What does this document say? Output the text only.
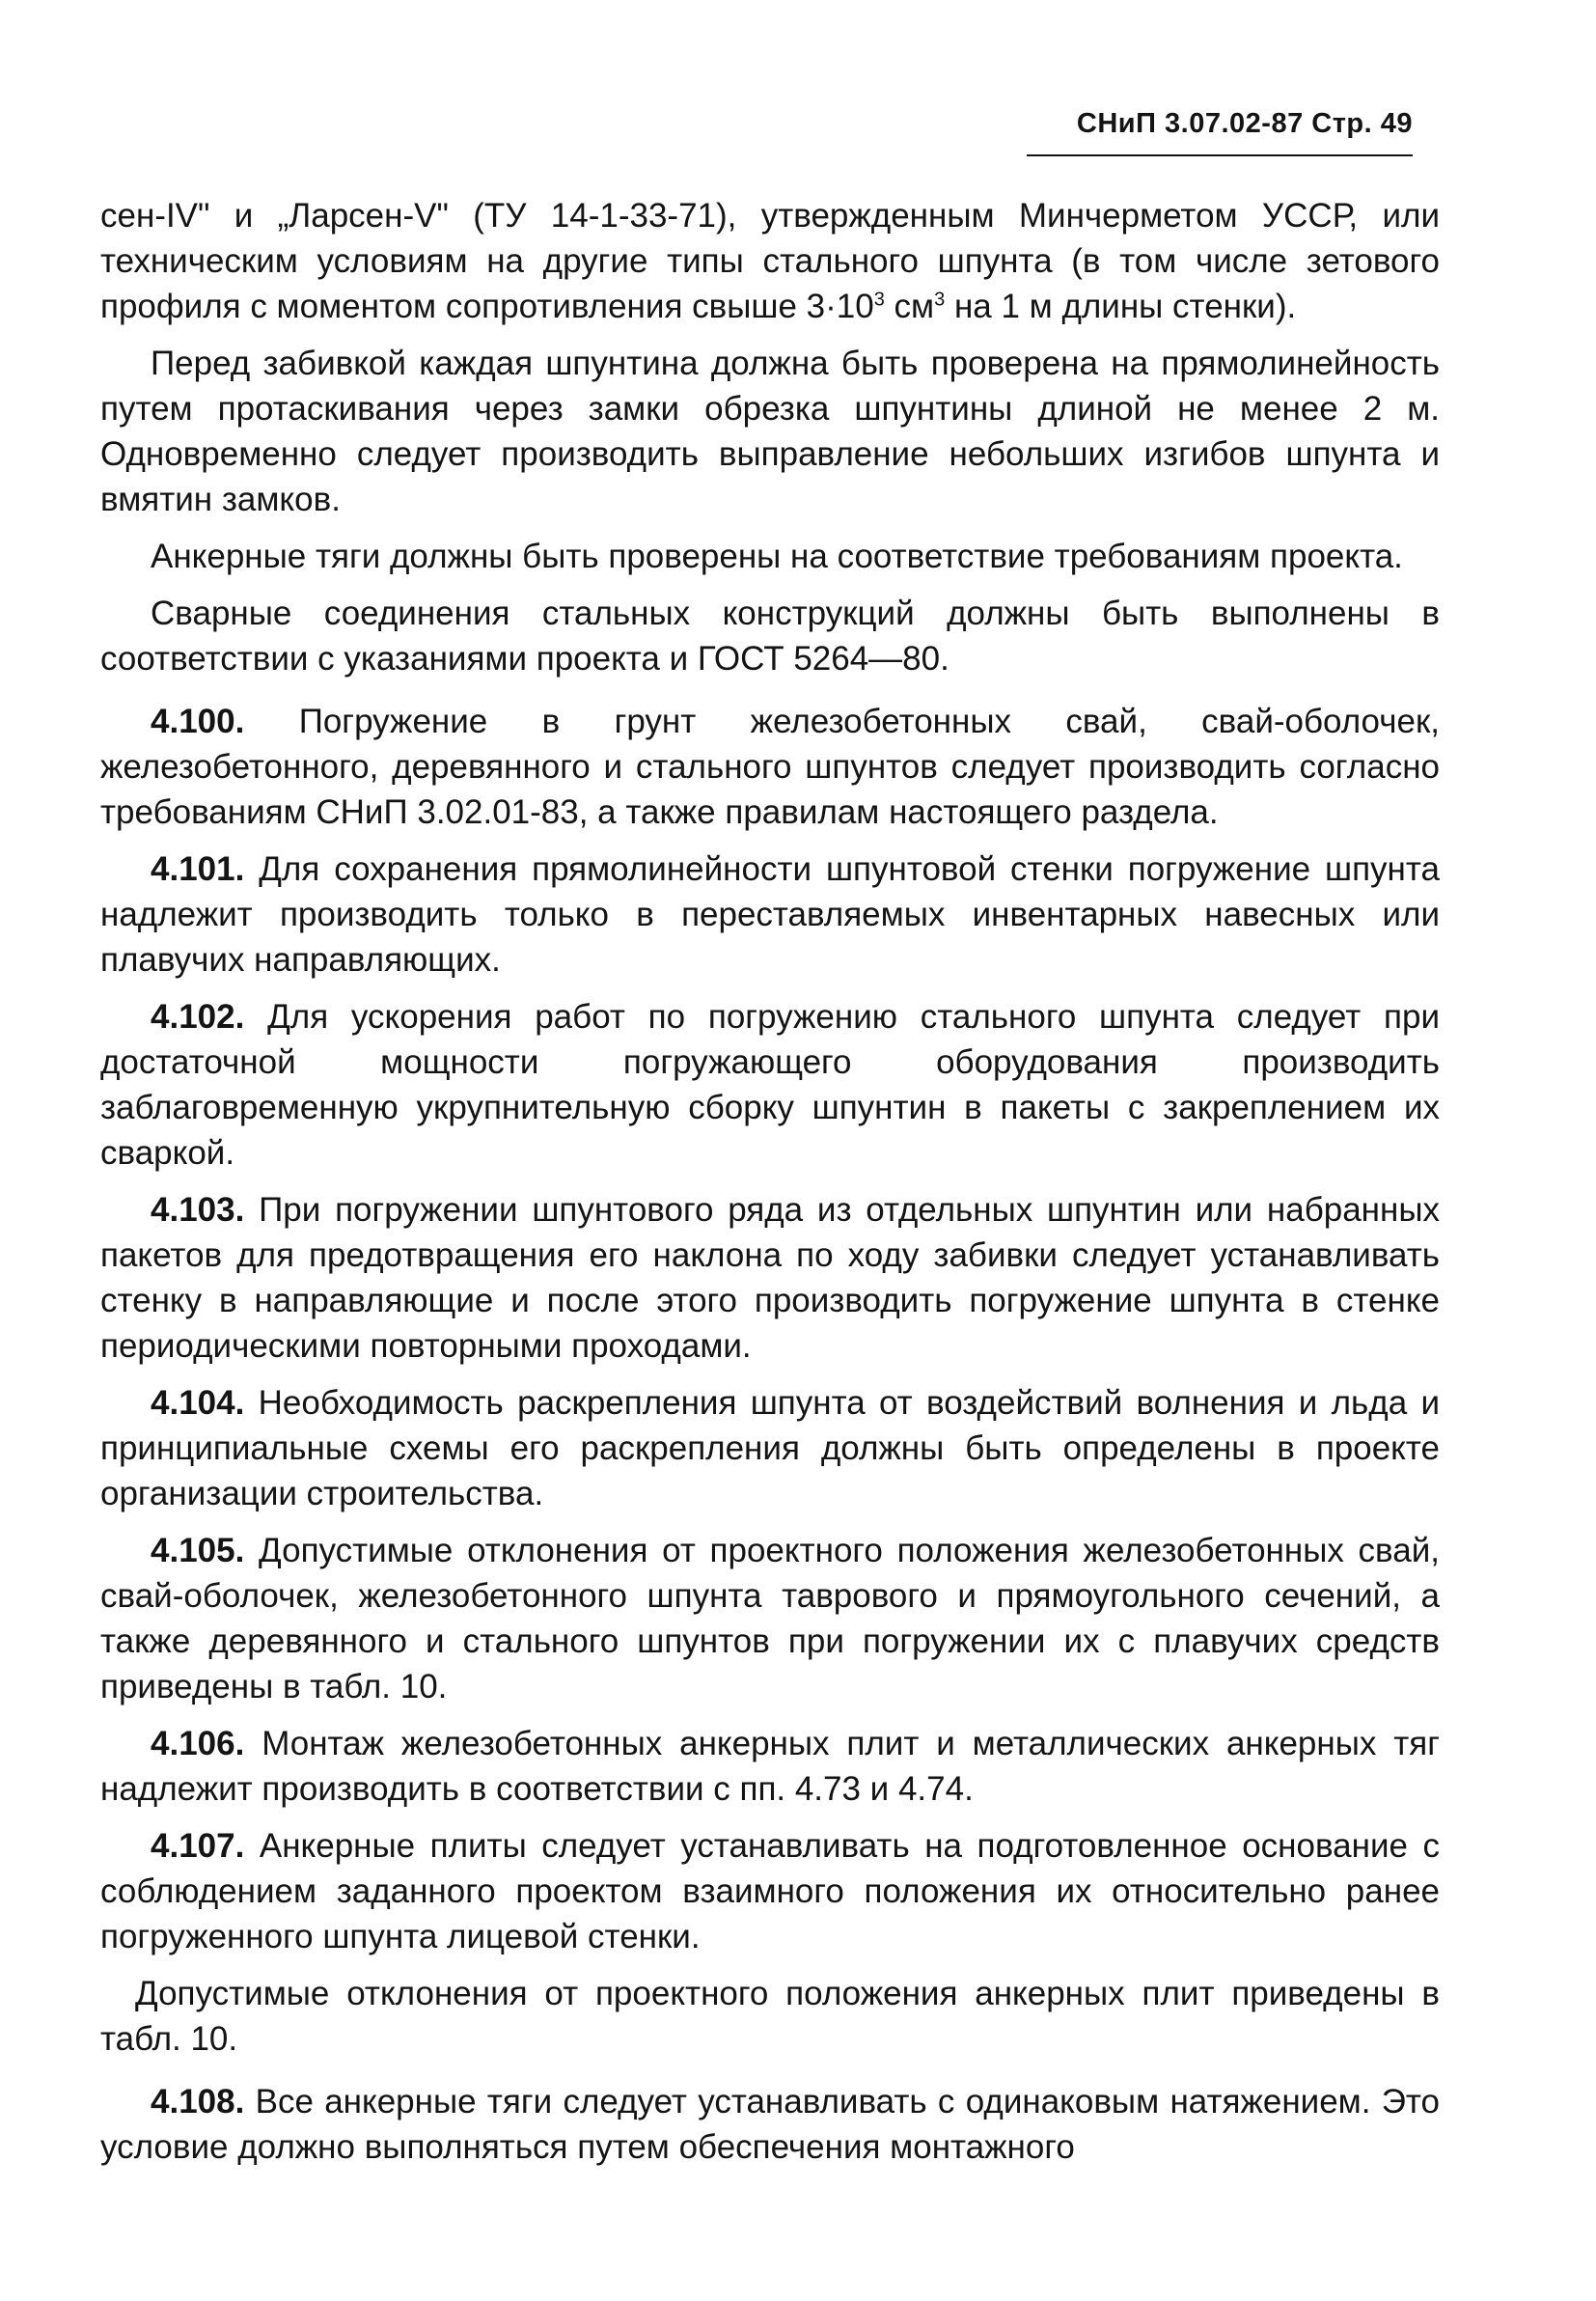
СНиП 3.07.02-87 Стр. 49

сен-IV" и „Ларсен-V" (ТУ 14-1-33-71), утвержденным Минчерметом УССР, или техническим условиям на другие типы стального шпунта (в том числе зетового профиля с моментом сопротивления свыше $3\cdot 10^3$ $см^3$ на 1 м длины стенки).

Перед забивкой каждая шпунтина должна быть проверена на прямолинейность путем протаскивания через замки обрезка шпунтины длиной не менее 2 м. Одновременно следует производить выправление небольших изгибов шпунта и вмятин замков.

Анкерные тяги должны быть проверены на соответствие требованиям проекта.

Сварные соединения стальных конструкций должны быть выполнены в соответствии с указаниями проекта и ГОСТ 5264—80.

4.100. Погружение в грунт железобетонных свай, свай-оболочек, железобетонного, деревянного и стального шпунтов следует производить согласно требованиям СНиП 3.02.01-83, а также правилам настоящего раздела.

4.101. Для сохранения прямолинейности шпунтовой стенки погружение шпунта надлежит производить только в переставляемых инвентарных навесных или плавучих направляющих.

4.102. Для ускорения работ по погружению стального шпунта следует при достаточной мощности погружающего оборудования производить заблаговременную укрупнительную сборку шпунтин в пакеты с закреплением их сваркой.

4.103. При погружении шпунтового ряда из отдельных шпунтин или набранных пакетов для предотвращения его наклона по ходу забивки следует устанавливать стенку в направляющие и после этого производить погружение шпунта в стенке периодическими повторными проходами.

4.104. Необходимость раскрепления шпунта от воздействий волнения и льда и принципиальные схемы его раскрепления должны быть определены в проекте организации строительства.

4.105. Допустимые отклонения от проектного положения железобетонных свай, свай-оболочек, железобетонного шпунта таврового и прямоугольного сечений, а также деревянного и стального шпунтов при погружении их с плавучих средств приведены в табл. 10.

4.106. Монтаж железобетонных анкерных плит и металлических анкерных тяг надлежит производить в соответствии с пп. 4.73 и 4.74.

4.107. Анкерные плиты следует устанавливать на подготовленное основание с соблюдением заданного проектом взаимного положения их относительно ранее погруженного шпунта лицевой стенки.

Допустимые отклонения от проектного положения анкерных плит приведены в табл. 10.

4.108. Все анкерные тяги следует устанавливать с одинаковым натяжением. Это условие должно выполняться путем обеспечения монтажного
